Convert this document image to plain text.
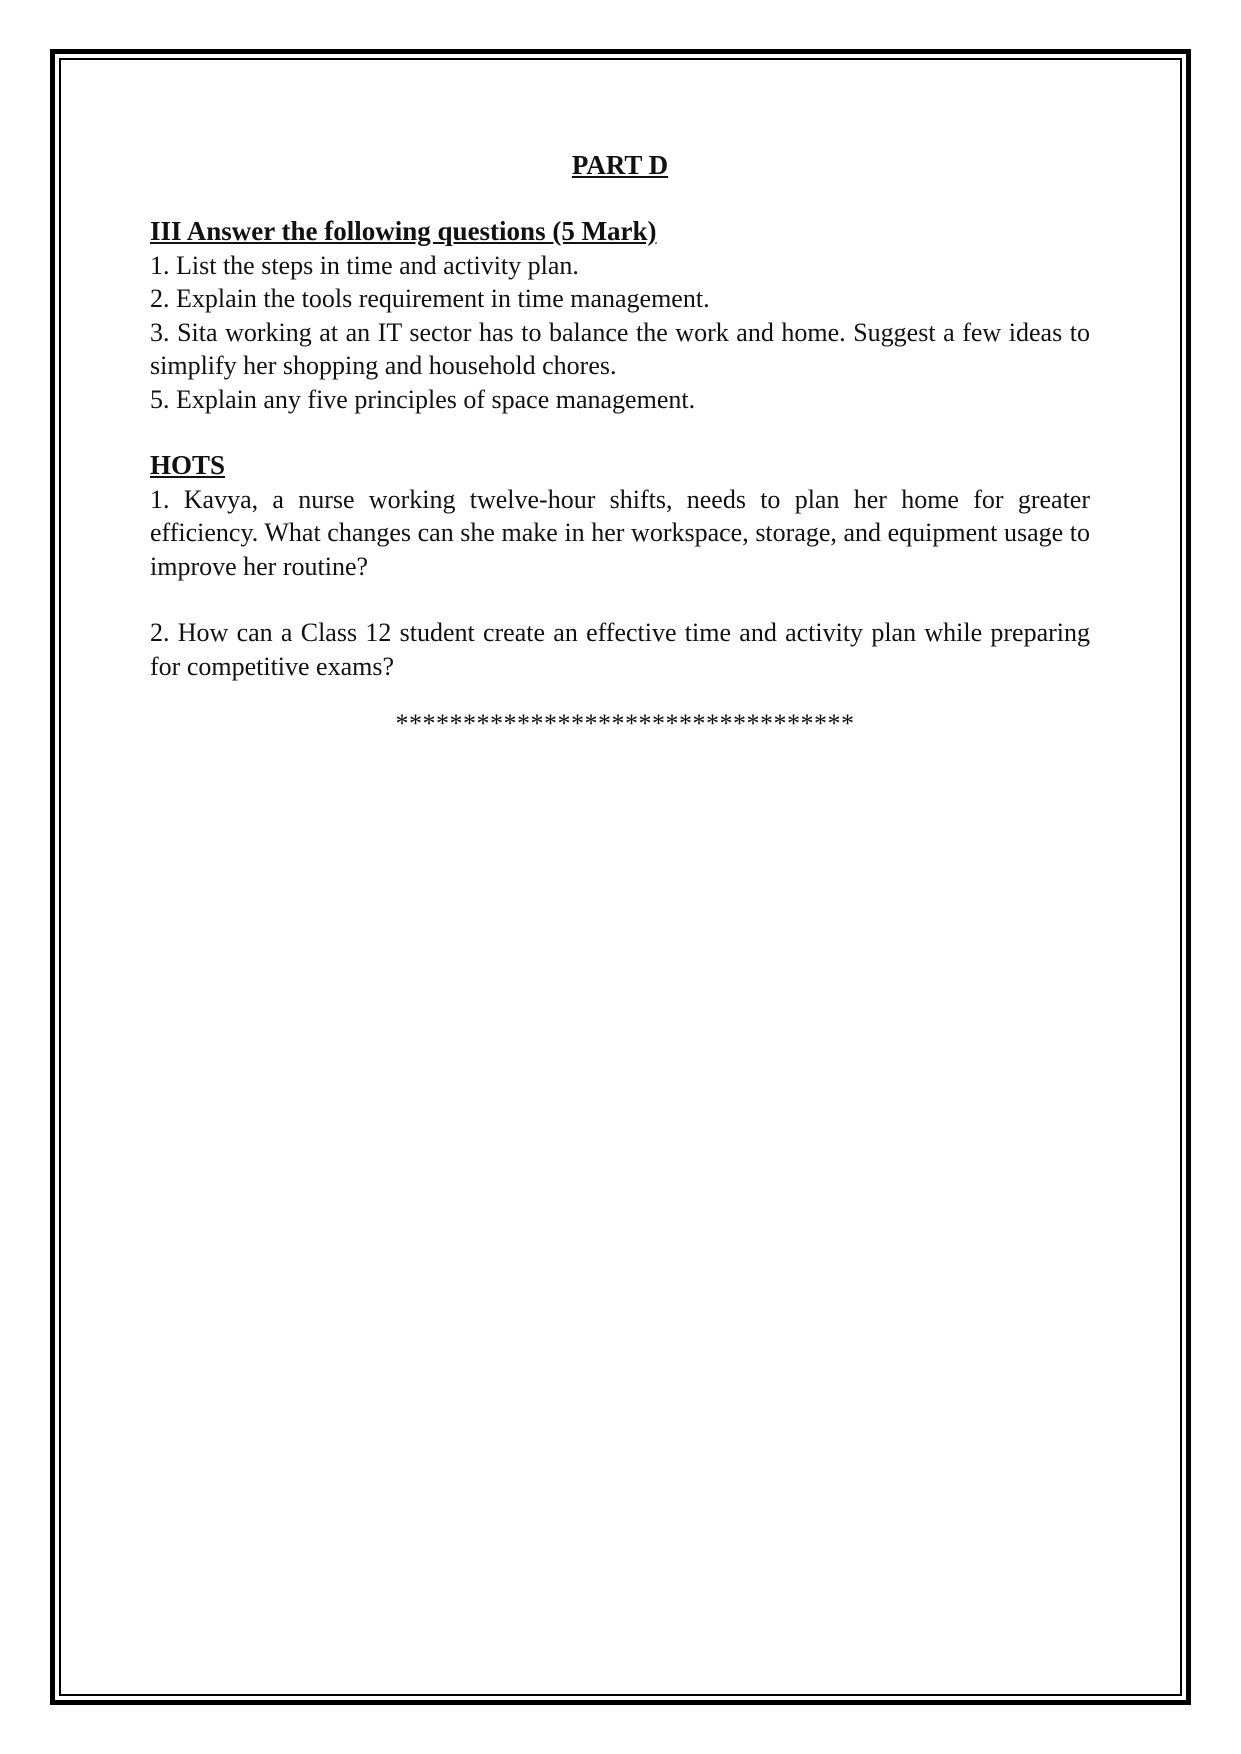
PART D

III Answer the following questions (5 Mark)

1. List the steps in time and activity plan.

2. Explain the tools requirement in time management.

3. Sita working at an IT sector has to balance the work and home. Suggest a few ideas to simplify her shopping and household chores.

5. Explain any five principles of space management.

HOTS

1. Kavya, a nurse working twelve-hour shifts, needs to plan her home for greater efficiency. What changes can she make in her workspace, storage, and equipment usage to improve her routine?

2. How can a Class 12 student create an effective time and activity plan while preparing for competitive exams?

**********************************
